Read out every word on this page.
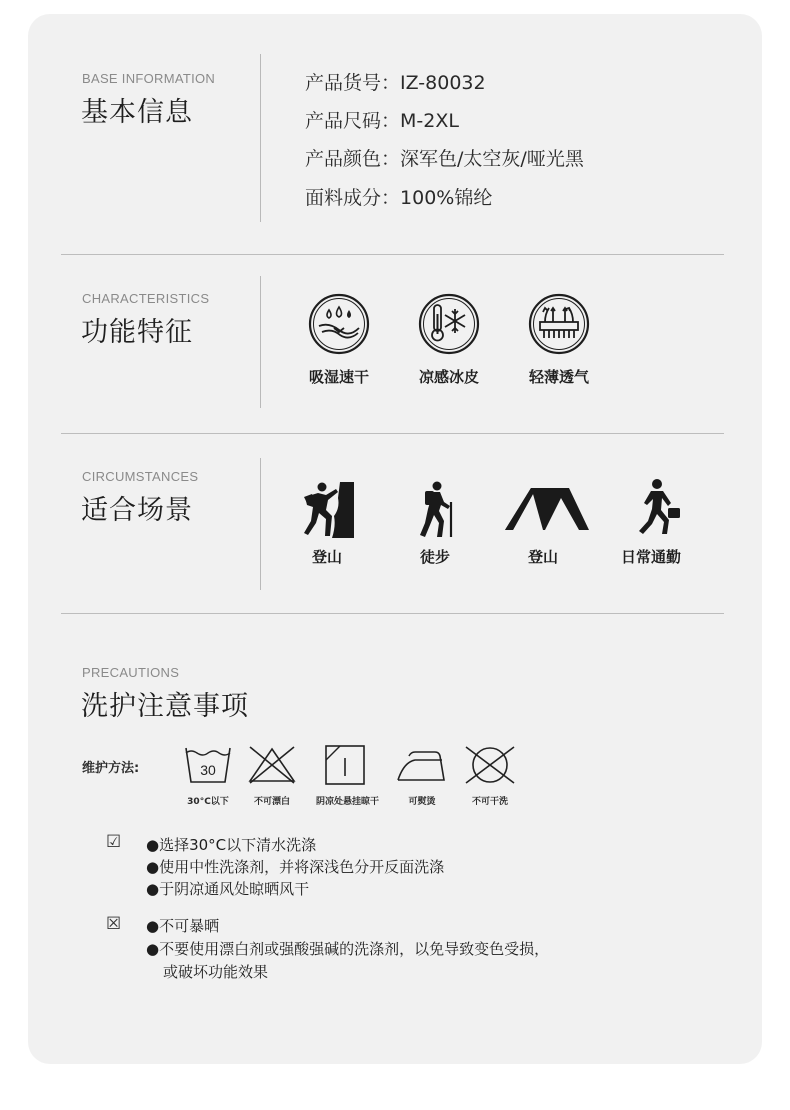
BASE INFORMATION
基本信息
产品货号：IZ-80032
产品尺码：M-2XL
产品颜色：深军色/太空灰/哑光黑
面料成分：100%锦纶
CHARACTERISTICS
功能特征
吸湿速干	凉感冰皮	轻薄透气
CIRCUMSTANCES
适合场景
登山	徒步	登山	日常通勤
PRECAUTIONS
洗护注意事项
维护方法:	30
30°C以下	不可漂白	阴凉处悬挂晾干	可熨烫	不可干洗
☑ ●选择30°C以下清水洗涤
●使用中性洗涤剂，并将深浅色分开反面洗涤
●于阴凉通风处晾晒风干
☒ ●不可暴晒
●不要使用漂白剂或强酸强碱的洗涤剂，以免导致变色受损，
或破坏功能效果
